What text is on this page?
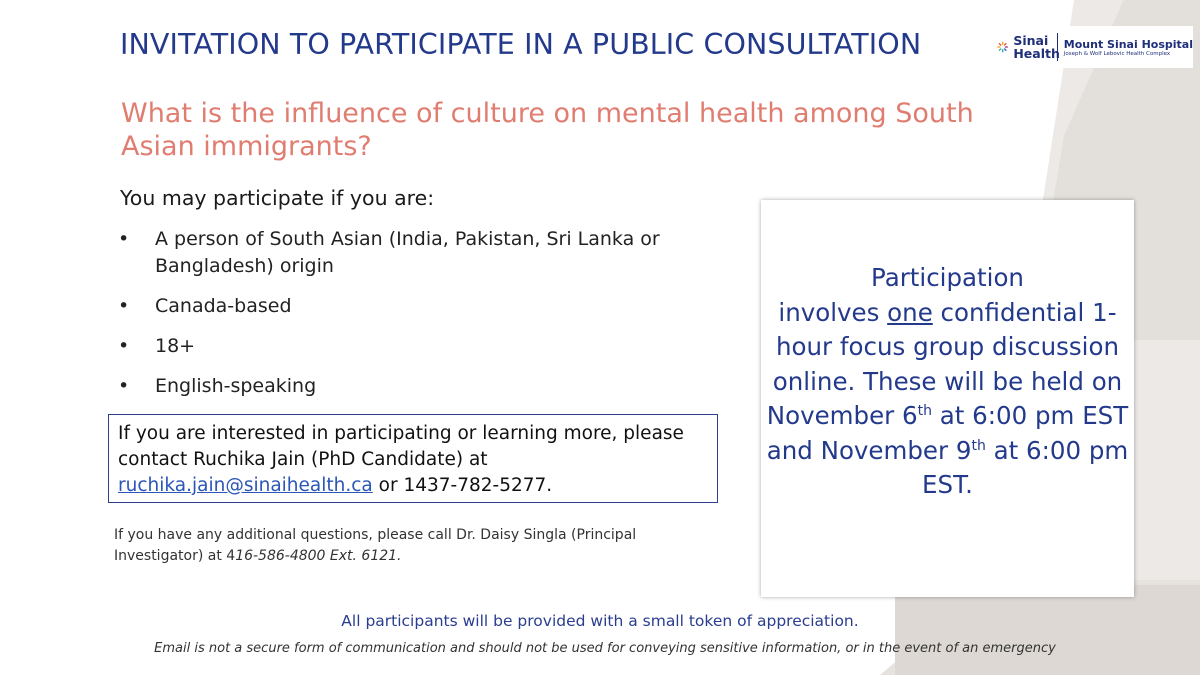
INVITATION TO PARTICIPATE IN A PUBLIC CONSULTATION	Sinai
Health
Mount Sinai Hospital
Joseph & Wolf Lebovic Health Complex
What is the influence of culture on mental health among South Asian immigrants?
You may participate if you are:
• A person of South Asian (India, Pakistan, Sri Lanka or Bangladesh) origin
• Canada-based
• 18+
• English-speaking
If you are interested in participating or learning more, please contact Ruchika Jain (PhD Candidate) at ruchika.jain@sinaihealth.ca or 1437-782-5277.
If you have any additional questions, please call Dr. Daisy Singla (Principal Investigator) at 416-586-4800 Ext. 6121.
Participation
involves one confidential 1-hour focus group discussion online. These will be held on November 6th at 6:00 pm EST and November 9th at 6:00 pm EST.
All participants will be provided with a small token of appreciation.
Email is not a secure form of communication and should not be used for conveying sensitive information, or in the event of an emergency
